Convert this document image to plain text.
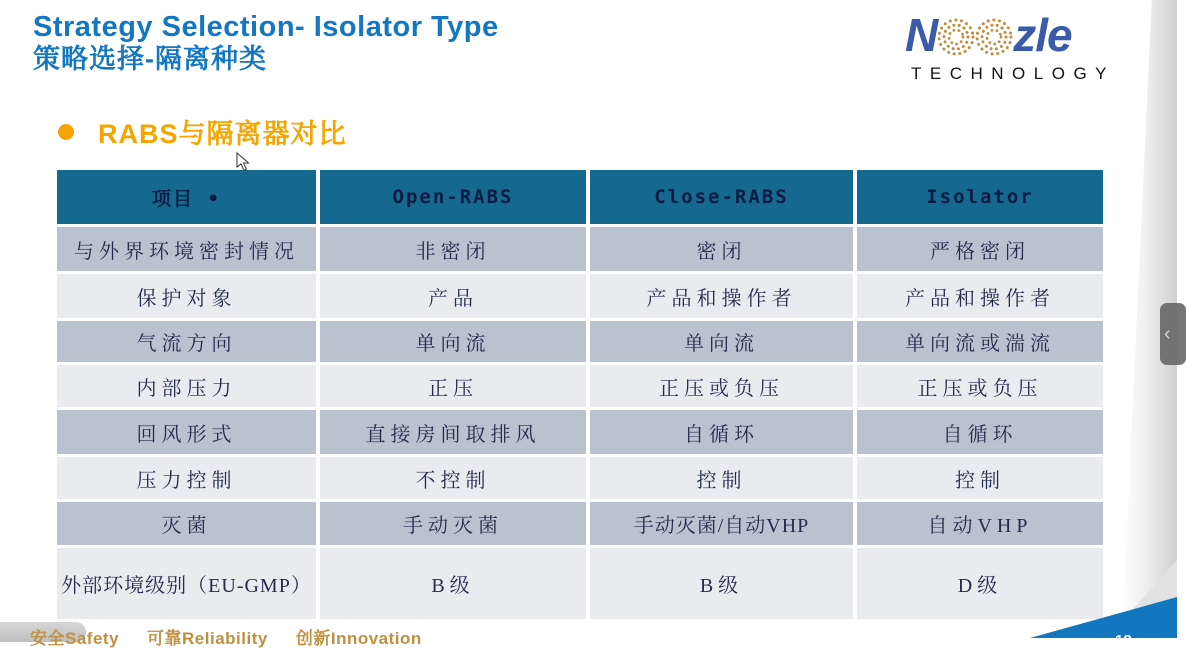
Strategy Selection- Isolator Type
策略选择-隔离种类	N zle
TECHNOLOGY
RABS与隔离器对比
项目 •	Open-RABS	Close-RABS	Isolator
与外界环境密封情况	非密闭	密闭	严格密闭
保护对象	产品	产品和操作者	产品和操作者
气流方向	单向流	单向流	单向流或湍流
内部压力	正压	正压或负压	正压或负压
回风形式	直接房间取排风	自循环	自循环
压力控制	不控制	控制	控制
灭菌	手动灭菌	手动灭菌/自动VHP	自动VHP
外部环境级别（EU-GMP）	B级	B级	D级
18
‹
安全Safety 可靠Reliability 创新Innovation
